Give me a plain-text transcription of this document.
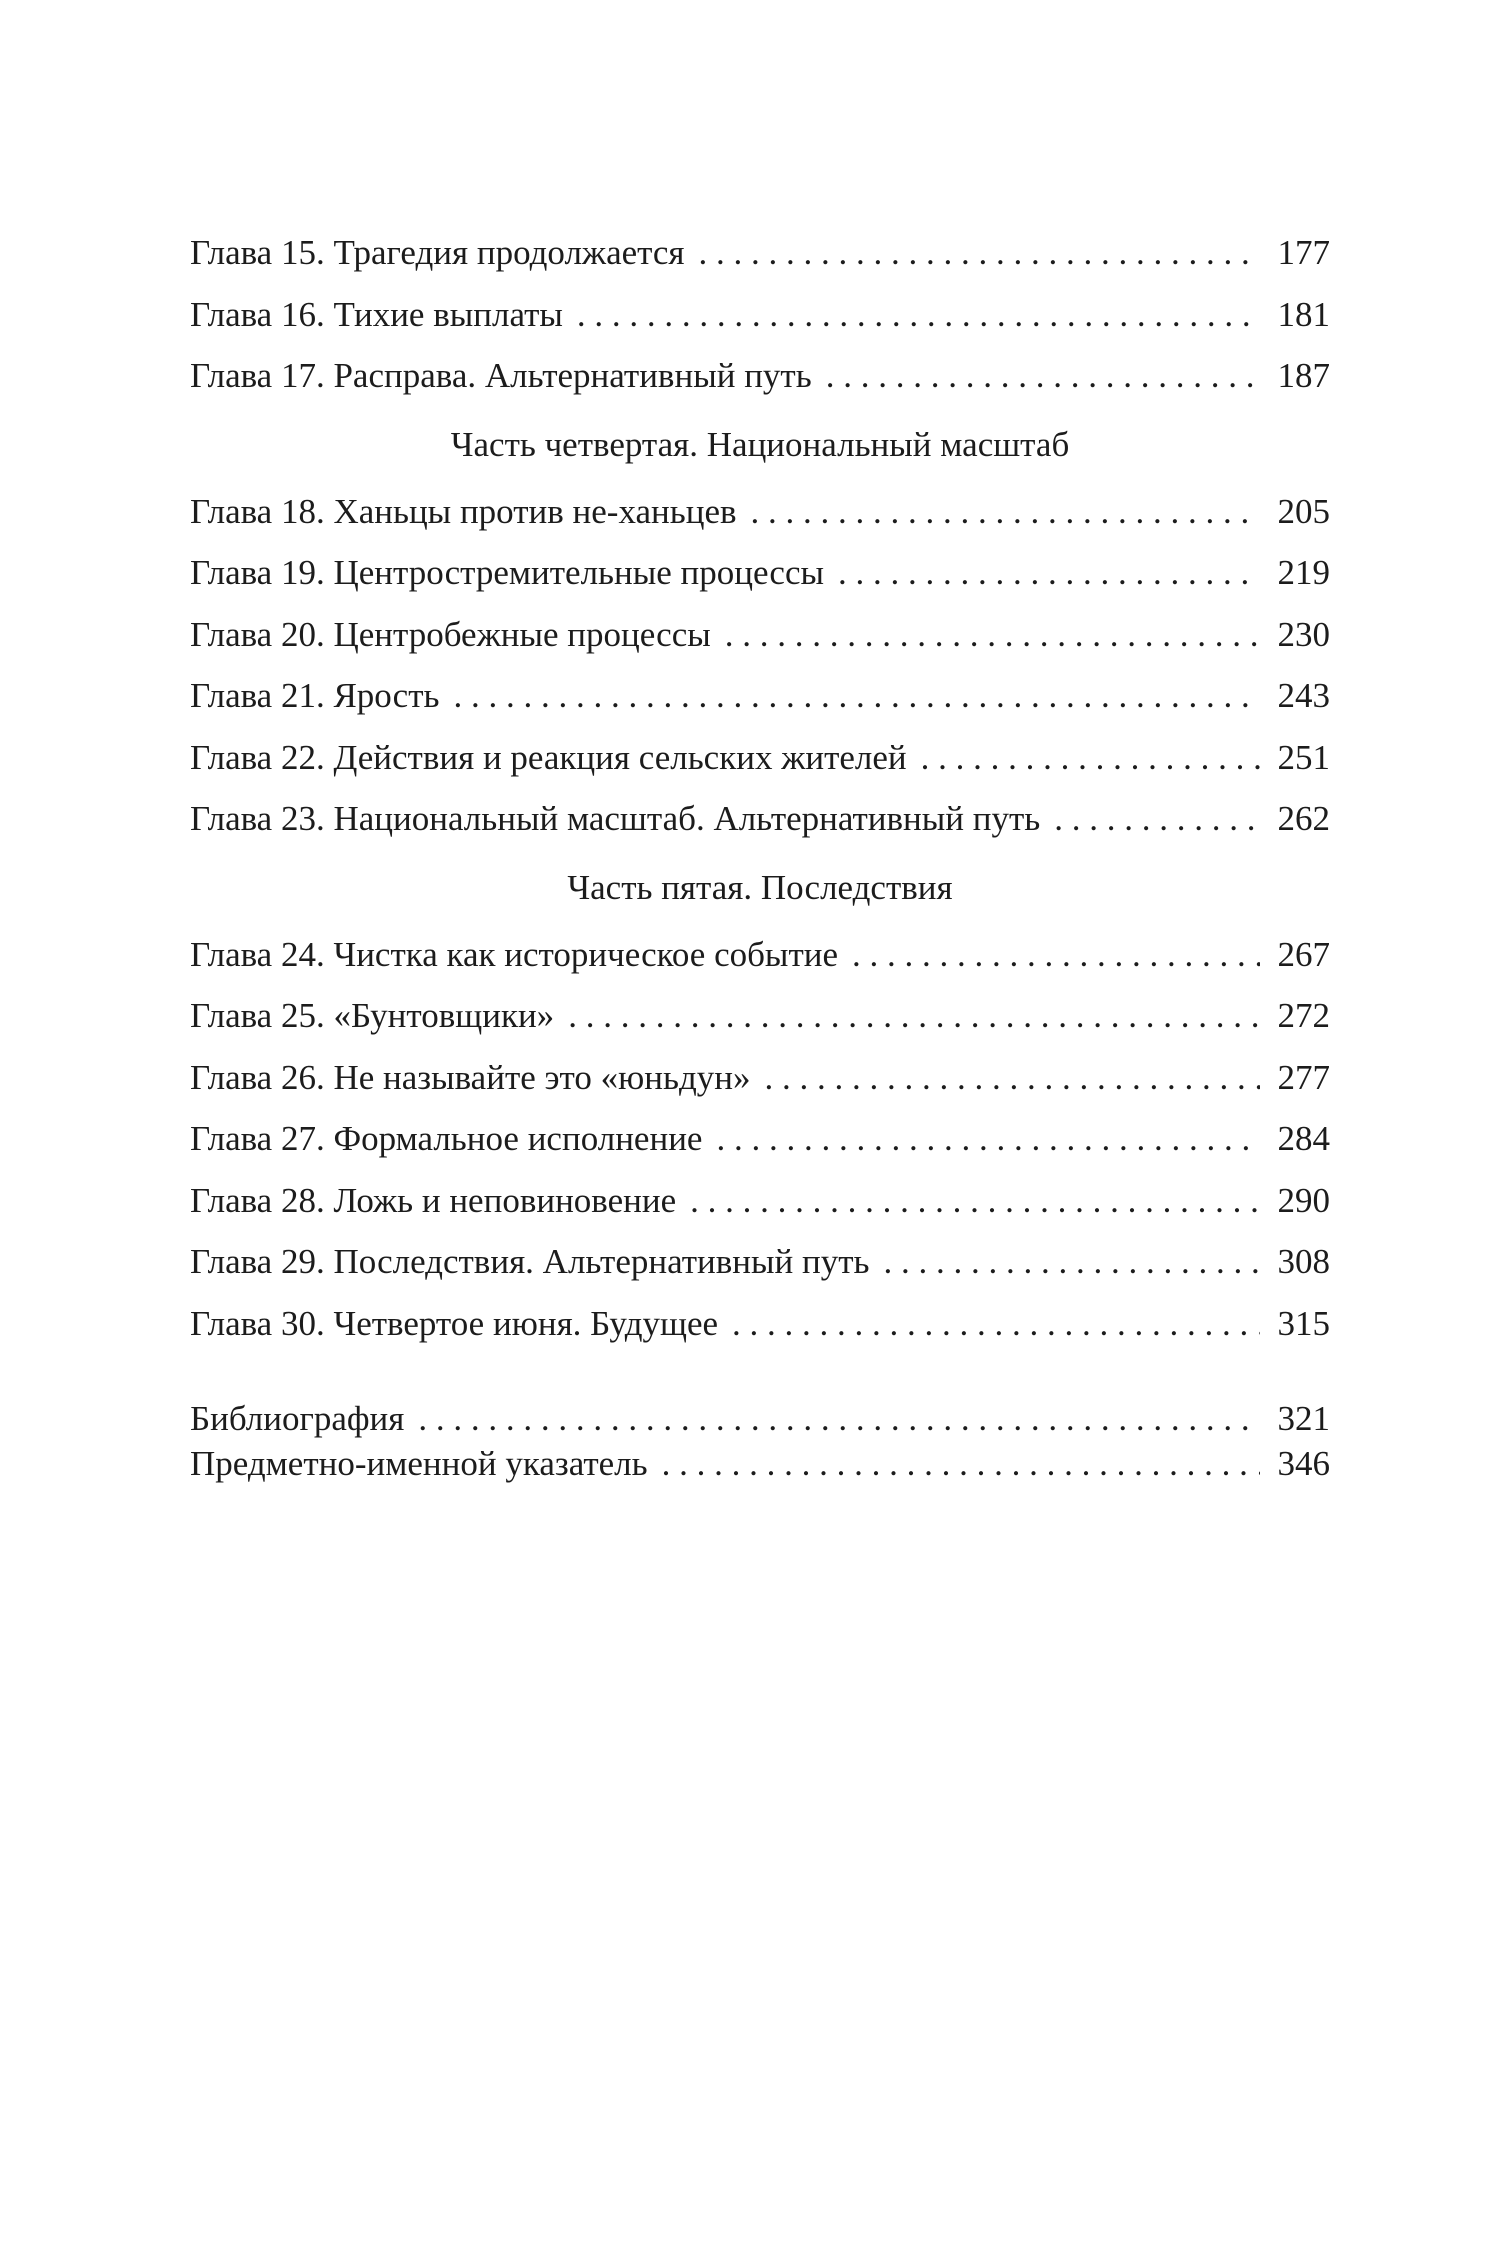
Глава 15. Трагедия продолжается . . .	177
Глава 16. Тихие выплаты . . .	181
Глава 17. Расправа. Альтернативный путь . . .	187
Часть четвертая. Национальный масштаб
Глава 18. Ханьцы против не-ханьцев . . .	205
Глава 19. Центростремительные процессы . . .	219
Глава 20. Центробежные процессы . . .	230
Глава 21. Ярость . . .	243
Глава 22. Действия и реакция сельских жителей . . .	251
Глава 23. Национальный масштаб. Альтернативный путь . . .	262
Часть пятая. Последствия
Глава 24. Чистка как историческое событие . . .	267
Глава 25. «Бунтовщики» . . .	272
Глава 26. Не называйте это «юньдун» . . .	277
Глава 27. Формальное исполнение . . .	284
Глава 28. Ложь и неповиновение . . .	290
Глава 29. Последствия. Альтернативный путь . . .	308
Глава 30. Четвертое июня. Будущее . . .	315
Библиография . . .	321
Предметно-именной указатель . . .	346
